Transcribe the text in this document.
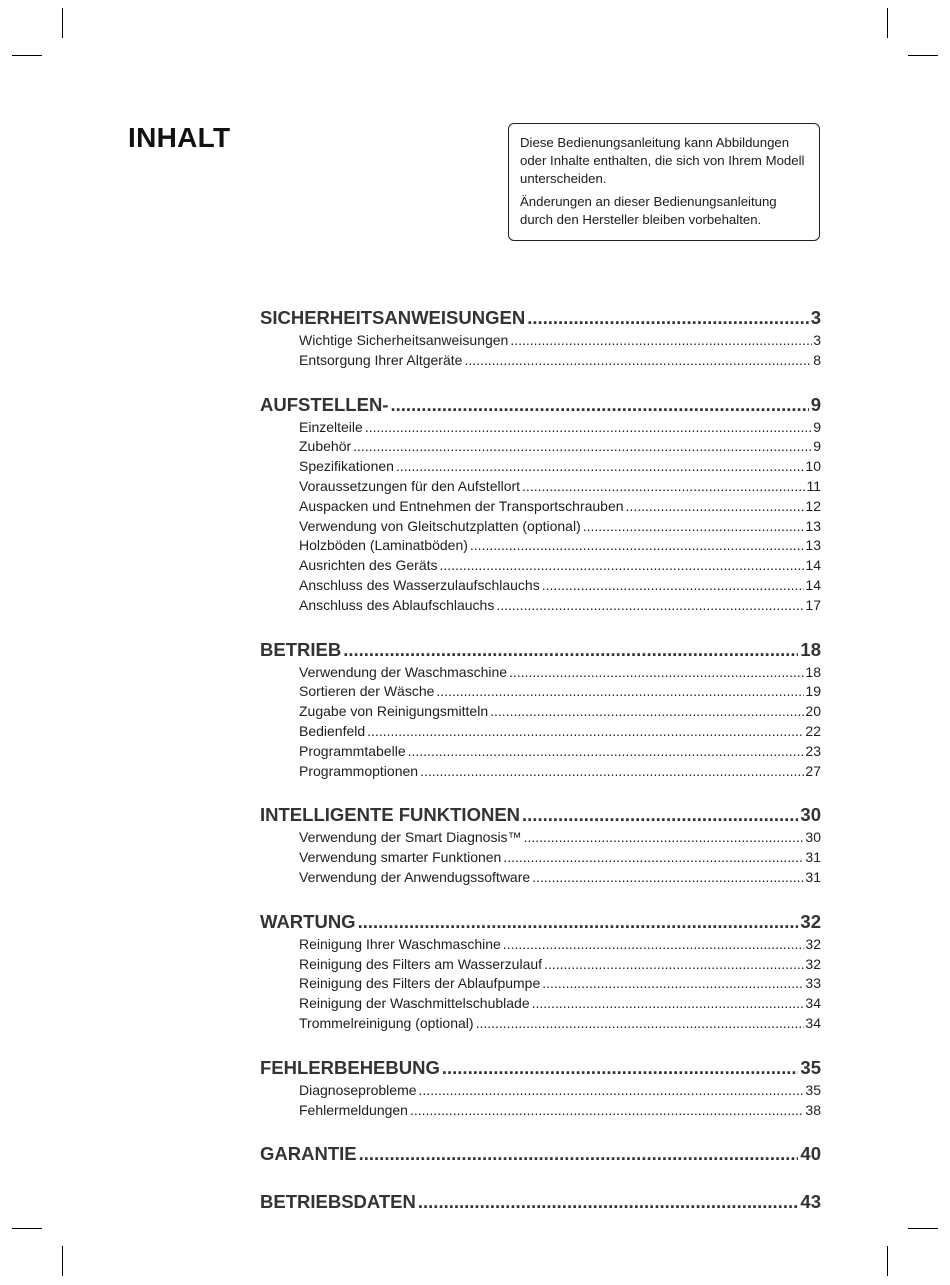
INHALT	Diese Bedienungsanleitung kann Abbildungen oder Inhalte enthalten, die sich von Ihrem Modell unterscheiden.

Änderungen an dieser Bedienungsanleitung durch den Hersteller bleiben vorbehalten.

SICHERHEITSANWEISUNGEN .....	3
Wichtige Sicherheitsanweisungen .....	3
Entsorgung Ihrer Altgeräte .....	8
AUFSTELLEN- .....	9
Einzelteile .....	9
Zubehör .....	9
Spezifikationen .....	10
Voraussetzungen für den Aufstellort .....	11
Auspacken und Entnehmen der Transportschrauben .....	12
Verwendung von Gleitschutzplatten (optional) .....	13
Holzböden (Laminatböden) .....	13
Ausrichten des Geräts .....	14
Anschluss des Wasserzulaufschlauchs .....	14
Anschluss des Ablaufschlauchs .....	17
BETRIEB .....	18
Verwendung der Waschmaschine .....	18
Sortieren der Wäsche .....	19
Zugabe von Reinigungsmitteln .....	20
Bedienfeld .....	22
Programmtabelle .....	23
Programmoptionen .....	27
INTELLIGENTE FUNKTIONEN .....	30
Verwendung der Smart Diagnosis™ .....	30
Verwendung smarter Funktionen .....	31
Verwendung der Anwendugssoftware .....	31
WARTUNG .....	32
Reinigung Ihrer Waschmaschine .....	32
Reinigung des Filters am Wasserzulauf .....	32
Reinigung des Filters der Ablaufpumpe .....	33
Reinigung der Waschmittelschublade .....	34
Trommelreinigung (optional) .....	34
FEHLERBEHEBUNG .....	35
Diagnoseprobleme .....	35
Fehlermeldungen .....	38
GARANTIE .....	40
BETRIEBSDATEN .....	43
